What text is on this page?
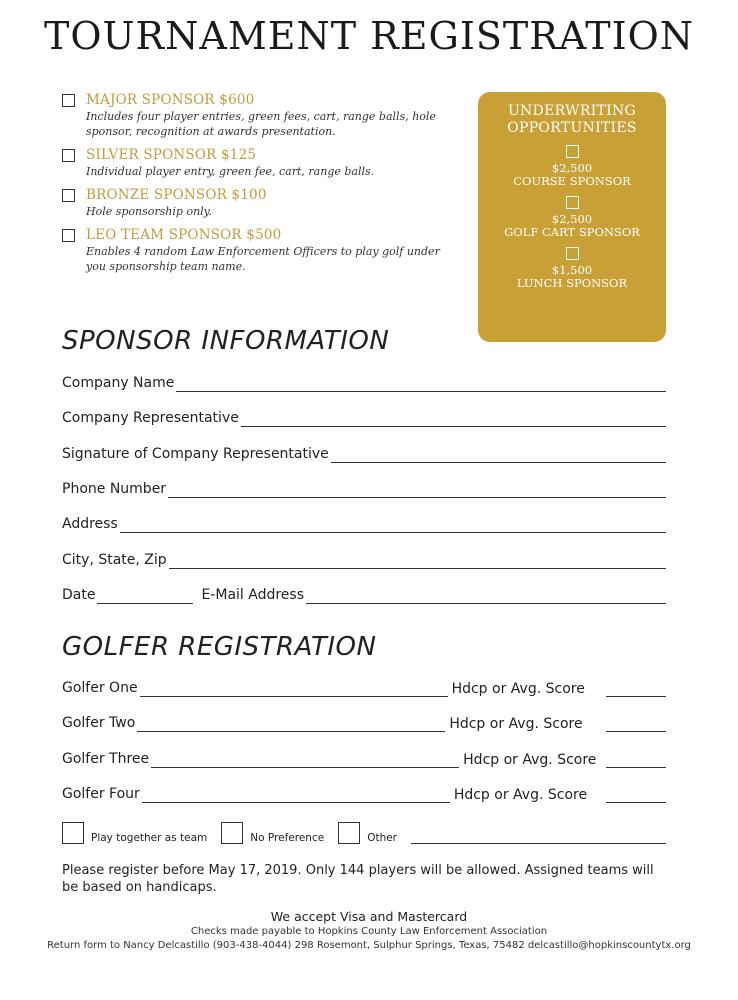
TOURNAMENT REGISTRATION
MAJOR SPONSOR $600
Includes four player entries, green fees, cart, range balls, hole sponsor, recognition at awards presentation.
SILVER SPONSOR $125
Individual player entry, green fee, cart, range balls.
BRONZE SPONSOR $100
Hole sponsorship only.
LEO TEAM SPONSOR $500
Enables 4 random Law Enforcement Officers to play golf under you sponsorship team name.
UNDERWRITING OPPORTUNITIES
$2,500
COURSE SPONSOR
$2,500
GOLF CART SPONSOR
$1,500
LUNCH SPONSOR
SPONSOR INFORMATION
Company Name
Company Representative
Signature of Company Representative
Phone Number
Address
City, State, Zip
Date	E-Mail Address
GOLFER REGISTRATION
Golfer One	Hdcp or Avg. Score
Golfer Two	Hdcp or Avg. Score
Golfer Three	Hdcp or Avg. Score
Golfer Four	Hdcp or Avg. Score
Play together as team	No Preference	Other
Please register before May 17, 2019. Only 144 players will be allowed. Assigned teams will be based on handicaps.
We accept Visa and Mastercard
Checks made payable to Hopkins County Law Enforcement Association
Return form to Nancy Delcastillo (903-438-4044) 298 Rosemont, Sulphur Springs, Texas, 75482 delcastillo@hopkinscountytx.org
